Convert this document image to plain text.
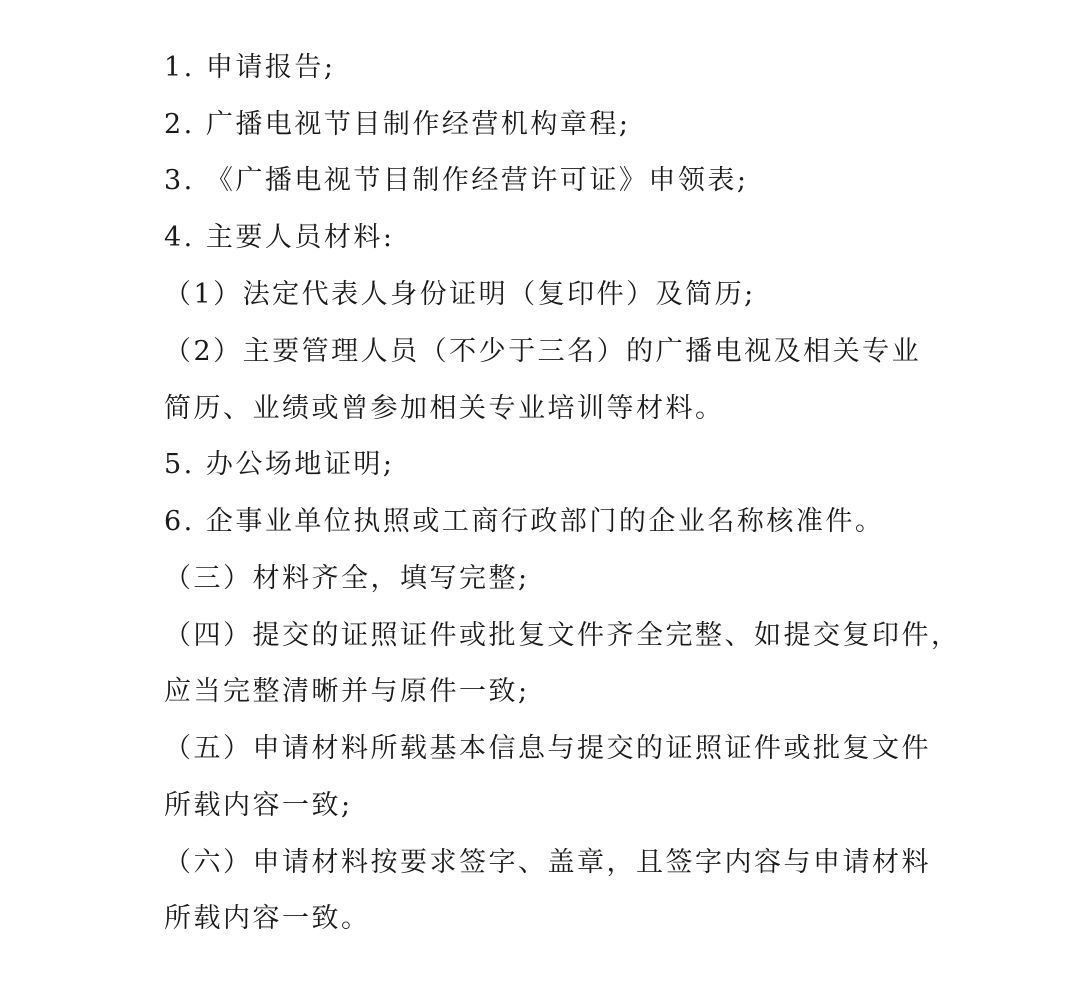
1. 申请报告;
2. 广播电视节目制作经营机构章程;
3. 《广播电视节目制作经营许可证》申领表;
4. 主要人员材料:
（1）法定代表人身份证明（复印件）及简历;
（2）主要管理人员（不少于三名）的广播电视及相关专业
简历、业绩或曾参加相关专业培训等材料。
5. 办公场地证明;
6. 企事业单位执照或工商行政部门的企业名称核准件。
（三）材料齐全，填写完整;
（四）提交的证照证件或批复文件齐全完整、如提交复印件，
应当完整清晰并与原件一致;
（五）申请材料所载基本信息与提交的证照证件或批复文件
所载内容一致;
（六）申请材料按要求签字、盖章，且签字内容与申请材料
所载内容一致。
